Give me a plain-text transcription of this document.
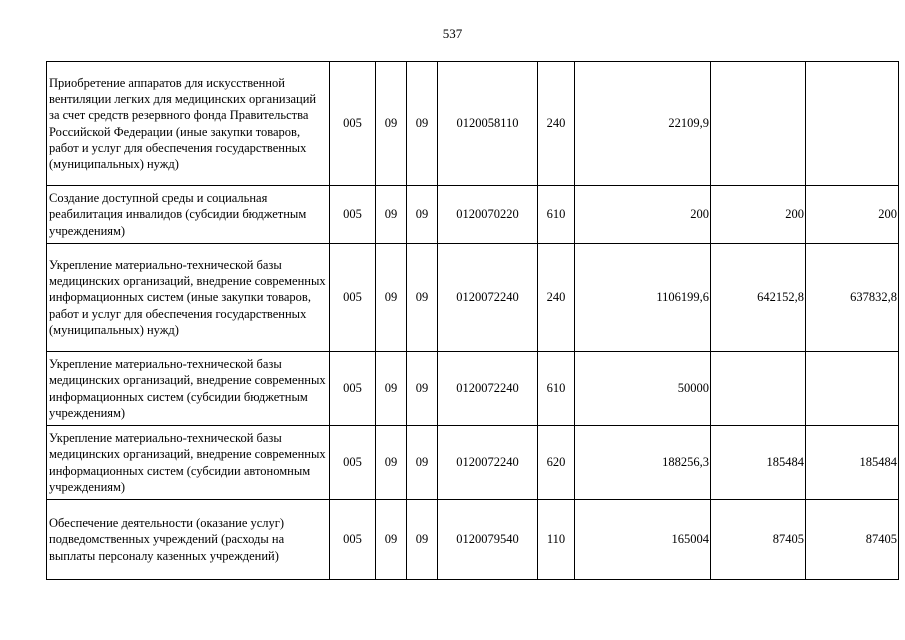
537
Приобретение аппаратов для искусственной вентиляции легких для медицинских организаций за счет средств резервного фонда Правительства Российской Федерации (иные закупки товаров, работ и услуг для обеспечения государственных (муниципальных) нужд)	005	09	09	0120058110	240	22109,9		
Создание доступной среды и социальная реабилитация инвалидов (субсидии бюджетным учреждениям)	005	09	09	0120070220	610	200	200	200
Укрепление материально-технической базы медицинских организаций, внедрение современных информационных систем (иные закупки товаров, работ и услуг для обеспечения государственных (муниципальных) нужд)	005	09	09	0120072240	240	1106199,6	642152,8	637832,8
Укрепление материально-технической базы медицинских организаций, внедрение современных информационных систем (субсидии бюджетным учреждениям)	005	09	09	0120072240	610	50000		
Укрепление материально-технической базы медицинских организаций, внедрение современных информационных систем (субсидии автономным учреждениям)	005	09	09	0120072240	620	188256,3	185484	185484
Обеспечение деятельности (оказание услуг) подведомственных учреждений (расходы на выплаты персоналу казенных учреждений)	005	09	09	0120079540	110	165004	87405	87405
